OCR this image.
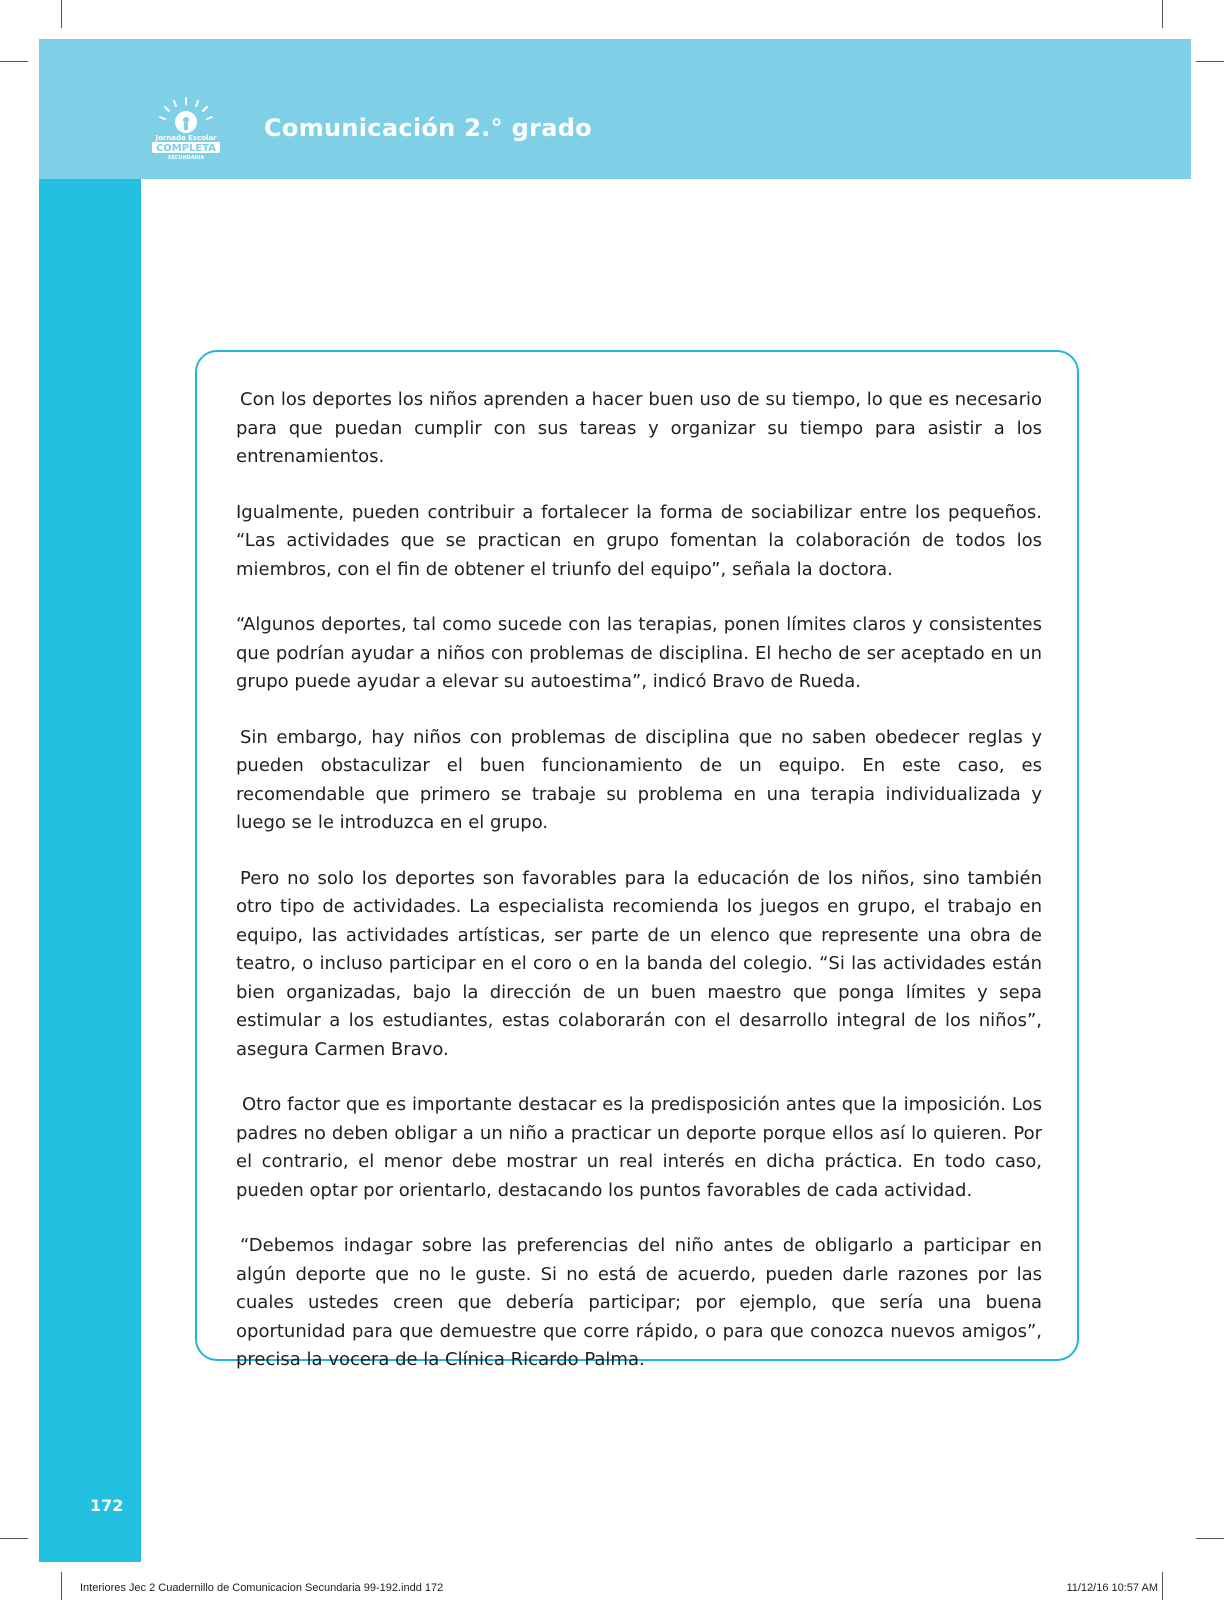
Jornada Escolar
COMPLETA
SECUNDARIA
Comunicación 2.° grado

Con los deportes los niños aprenden a hacer buen uso de su tiempo, lo que es necesario para que puedan cumplir con sus tareas y organizar su tiempo para asistir a los entrenamientos.

Igualmente, pueden contribuir a fortalecer la forma de sociabilizar entre los pequeños. “Las actividades que se practican en grupo fomentan la colaboración de todos los miembros, con el fin de obtener el triunfo del equipo”, señala la doctora.

“Algunos deportes, tal como sucede con las terapias, ponen límites claros y consistentes que podrían ayudar a niños con problemas de disciplina. El hecho de ser aceptado en un grupo puede ayudar a elevar su autoestima”, indicó Bravo de Rueda.

Sin embargo, hay niños con problemas de disciplina que no saben obedecer reglas y pueden obstaculizar el buen funcionamiento de un equipo. En este caso, es recomendable que primero se trabaje su problema en una terapia individualizada y luego se le introduzca en el grupo.

Pero no solo los deportes son favorables para la educación de los niños, sino también otro tipo de actividades. La especialista recomienda los juegos en grupo, el trabajo en equipo, las actividades artísticas, ser parte de un elenco que represente una obra de teatro, o incluso participar en el coro o en la banda del colegio. “Si las actividades están bien organizadas, bajo la dirección de un buen maestro que ponga límites y sepa estimular a los estudiantes, estas colaborarán con el desarrollo integral de los niños”, asegura Carmen Bravo.

Otro factor que es importante destacar es la predisposición antes que la imposición. Los padres no deben obligar a un niño a practicar un deporte porque ellos así lo quieren. Por el contrario, el menor debe mostrar un real interés en dicha práctica. En todo caso, pueden optar por orientarlo, destacando los puntos favorables de cada actividad.

“Debemos indagar sobre las preferencias del niño antes de obligarlo a participar en algún deporte que no le guste. Si no está de acuerdo, pueden darle razones por las cuales ustedes creen que debería participar; por ejemplo, que sería una buena oportunidad para que demuestre que corre rápido, o para que conozca nuevos amigos”, precisa la vocera de la Clínica Ricardo Palma.

172
Interiores Jec 2 Cuadernillo de Comunicacion Secundaria 99-192.indd 172	11/12/16 10:57 AM
